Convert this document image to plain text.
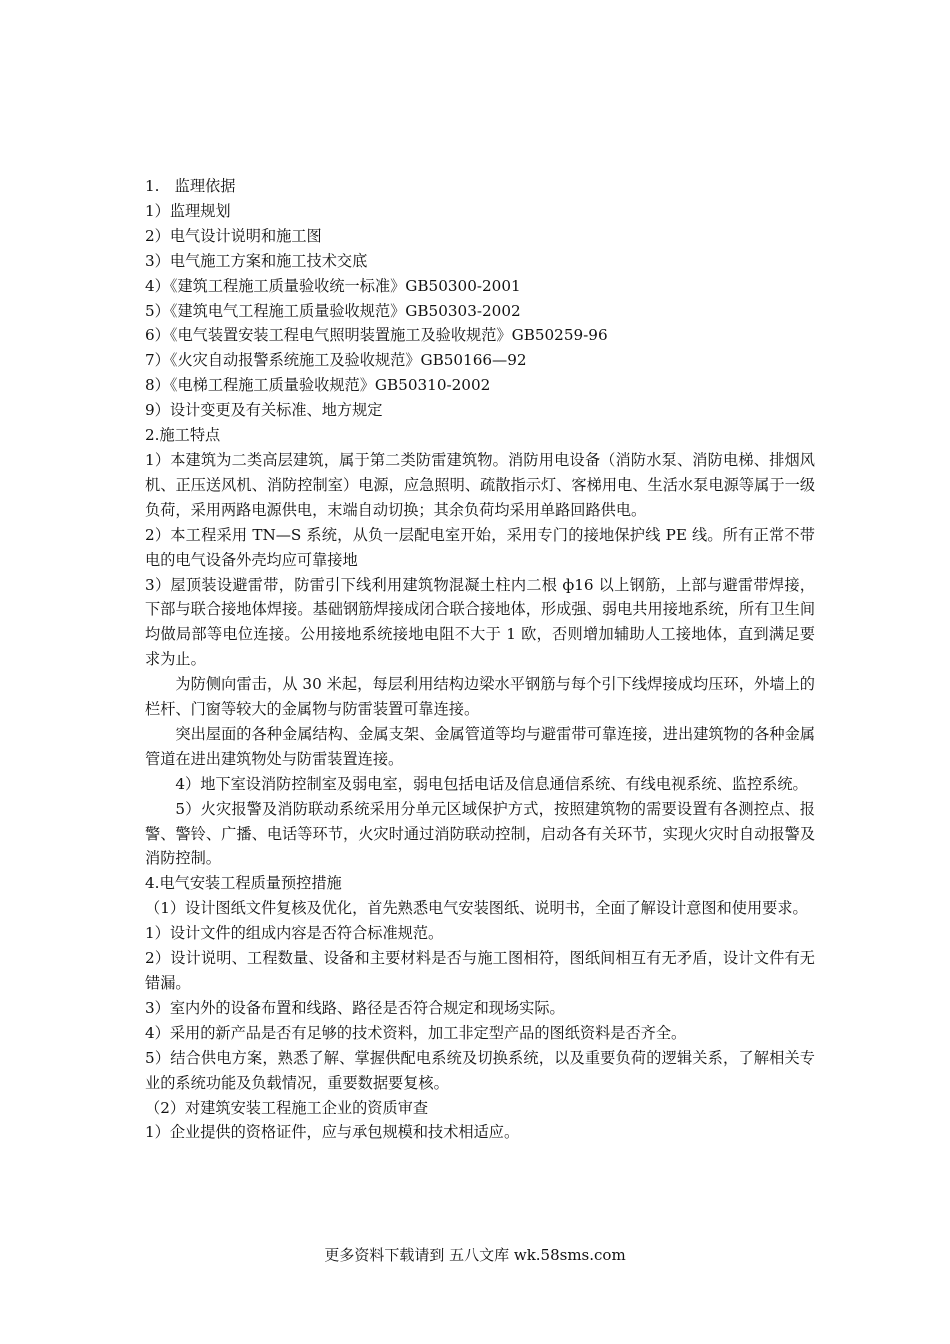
1.　监理依据

1）监理规划

2）电气设计说明和施工图

3）电气施工方案和施工技术交底

4）《建筑工程施工质量验收统一标准》GB50300-2001

5）《建筑电气工程施工质量验收规范》GB50303-2002

6）《电气装置安装工程电气照明装置施工及验收规范》GB50259-96

7）《火灾自动报警系统施工及验收规范》GB50166—92

8）《电梯工程施工质量验收规范》GB50310-2002

9）设计变更及有关标准、地方规定

2.施工特点

1）本建筑为二类高层建筑，属于第二类防雷建筑物。消防用电设备（消防水泵、消防电梯、排烟风机、正压送风机、消防控制室）电源，应急照明、疏散指示灯、客梯用电、生活水泵电源等属于一级负荷，采用两路电源供电，末端自动切换；其余负荷均采用单路回路供电。

2）本工程采用 TN—S 系统，从负一层配电室开始，采用专门的接地保护线 PE 线。所有正常不带电的电气设备外壳均应可靠接地

3）屋顶装设避雷带，防雷引下线利用建筑物混凝土柱内二根 ф16 以上钢筋，上部与避雷带焊接，下部与联合接地体焊接。基础钢筋焊接成闭合联合接地体，形成强、弱电共用接地系统，所有卫生间均做局部等电位连接。公用接地系统接地电阻不大于 1 欧，否则增加辅助人工接地体，直到满足要求为止。

为防侧向雷击，从 30 米起，每层利用结构边梁水平钢筋与每个引下线焊接成均压环，外墙上的栏杆、门窗等较大的金属物与防雷装置可靠连接。

突出屋面的各种金属结构、金属支架、金属管道等均与避雷带可靠连接，进出建筑物的各种金属管道在进出建筑物处与防雷装置连接。

4）地下室设消防控制室及弱电室，弱电包括电话及信息通信系统、有线电视系统、监控系统。

5）火灾报警及消防联动系统采用分单元区域保护方式，按照建筑物的需要设置有各测控点、报警、警铃、广播、电话等环节，火灾时通过消防联动控制，启动各有关环节，实现火灾时自动报警及消防控制。

4.电气安装工程质量预控措施

（1）设计图纸文件复核及优化，首先熟悉电气安装图纸、说明书，全面了解设计意图和使用要求。

1）设计文件的组成内容是否符合标准规范。

2）设计说明、工程数量、设备和主要材料是否与施工图相符，图纸间相互有无矛盾，设计文件有无错漏。

3）室内外的设备布置和线路、路径是否符合规定和现场实际。

4）采用的新产品是否有足够的技术资料，加工非定型产品的图纸资料是否齐全。

5）结合供电方案，熟悉了解、掌握供配电系统及切换系统，以及重要负荷的逻辑关系，了解相关专业的系统功能及负载情况，重要数据要复核。

（2）对建筑安装工程施工企业的资质审查

1）企业提供的资格证件，应与承包规模和技术相适应。

更多资料下载请到 五八文库 wk.58sms.com
